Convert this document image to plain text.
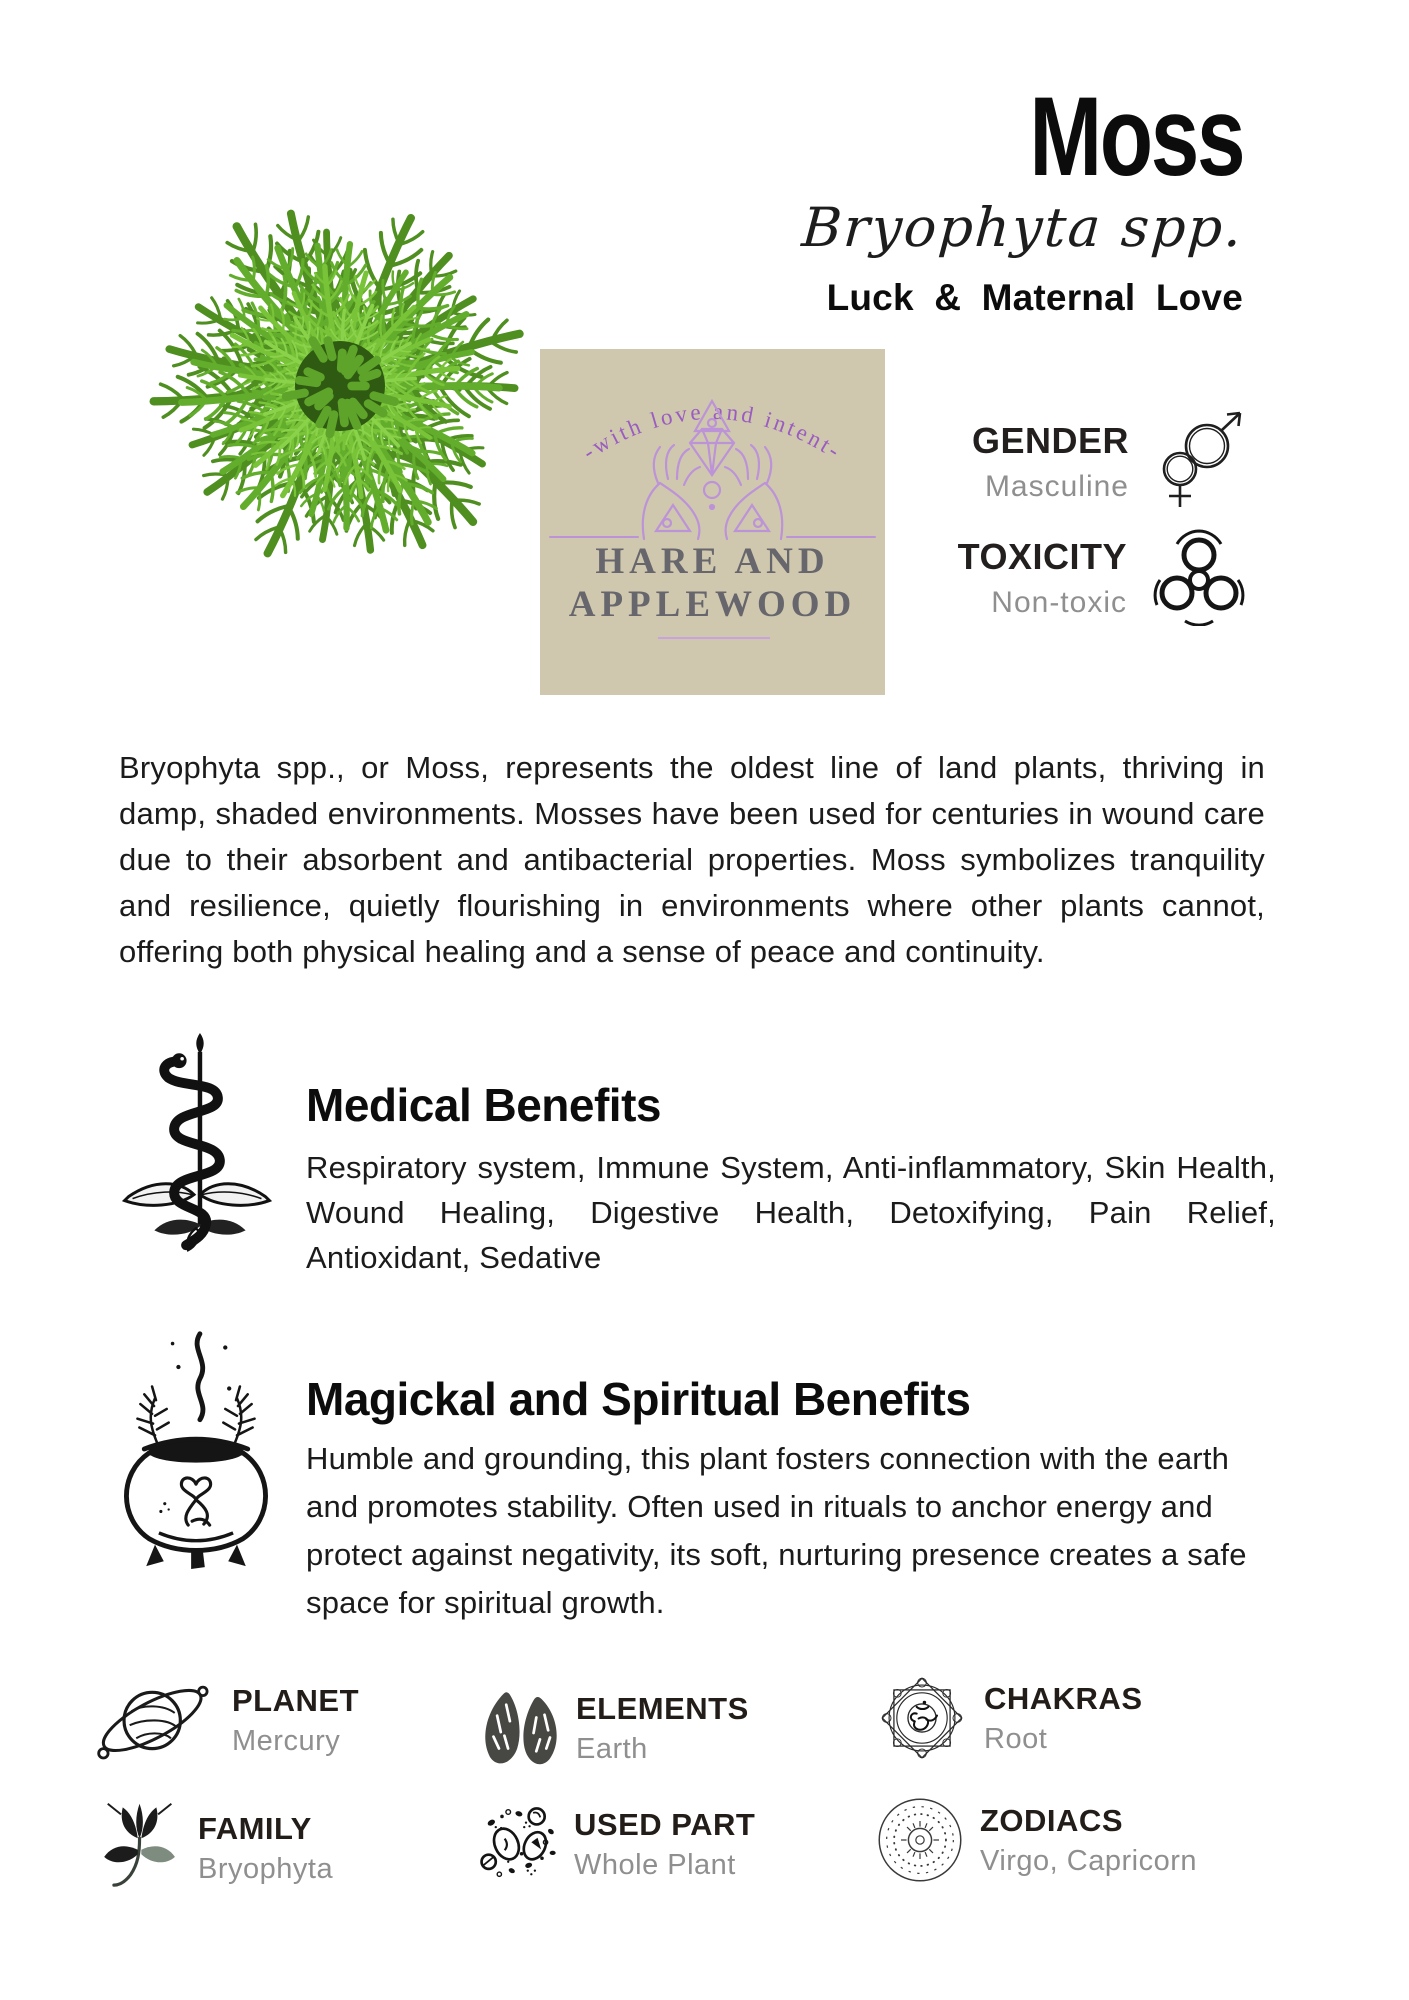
Moss
Bryophyta spp.
Luck & Maternal Love
-with love and intent-
HARE AND
APPLEWOOD
GENDER
Masculine
TOXICITY
Non-toxic

Bryophyta spp., or Moss, represents the oldest line of land plants, thriving in damp, shaded environments. Mosses have been used for centuries in wound care due to their absorbent and antibacterial properties. Moss symbolizes tranquility and resilience, quietly flourishing in environments where other plants cannot, offering both physical healing and a sense of peace and continuity.

Medical Benefits

Respiratory system, Immune System, Anti-inflammatory, Skin Health, Wound Healing, Digestive Health, Detoxifying, Pain Relief, Antioxidant, Sedative

Magickal and Spiritual Benefits

Humble and grounding, this plant fosters connection with the earth and promotes stability. Often used in rituals to anchor energy and protect against negativity, its soft, nurturing presence creates a safe space for spiritual growth.

PLANET
Mercury
ELEMENTS
Earth
CHAKRAS
Root
FAMILY
Bryophyta
USED PART
Whole Plant
ZODIACS
Virgo, Capricorn
